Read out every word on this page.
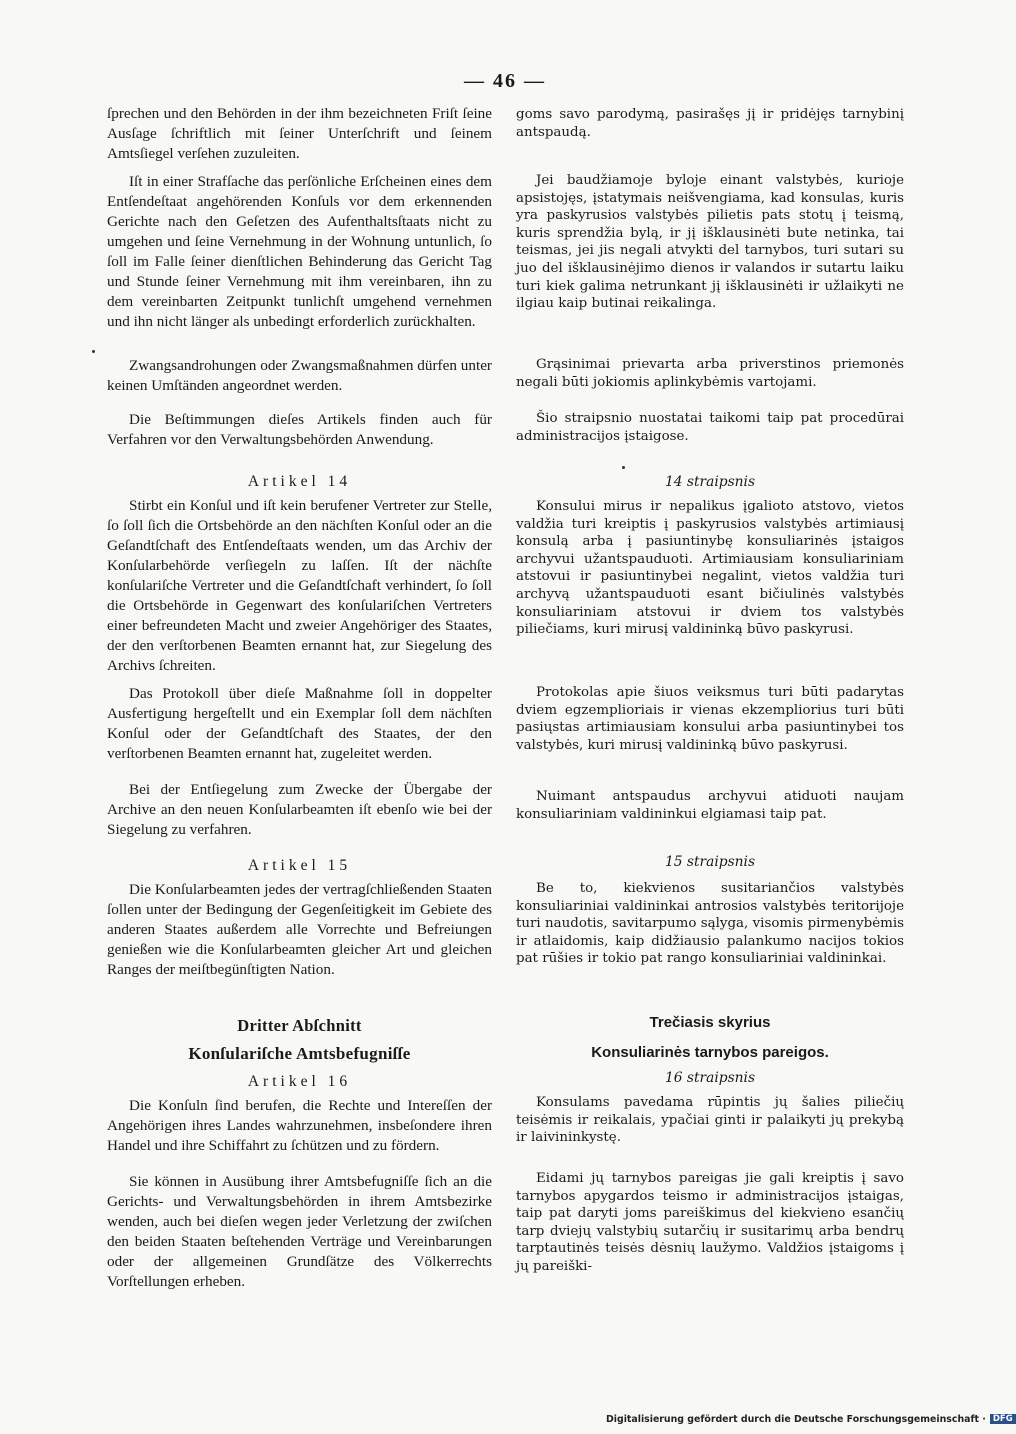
— 46 —

ſprechen und den Behörden in der ihm bezeichneten Friſt ſeine Ausſage ſchriftlich mit ſeiner Unterſchrift und ſeinem Amtsſiegel verſehen zuzuleiten.

Iſt in einer Strafſache das perſönliche Erſcheinen eines dem Entſendeſtaat angehörenden Konſuls vor dem erkennenden Gerichte nach den Geſetzen des Aufenthaltsſtaats nicht zu umgehen und ſeine Vernehmung in der Wohnung untunlich, ſo ſoll im Falle ſeiner dienſtlichen Behinderung das Gericht Tag und Stunde ſeiner Vernehmung mit ihm vereinbaren, ihn zu dem vereinbarten Zeitpunkt tunlichſt umgehend vernehmen und ihn nicht länger als unbedingt erforderlich zurückhalten.

Zwangsandrohungen oder Zwangsmaßnahmen dürfen unter keinen Umſtänden angeordnet werden.

Die Beſtimmungen dieſes Artikels finden auch für Verfahren vor den Verwaltungsbehörden Anwendung.

Artikel 14

Stirbt ein Konſul und iſt kein berufener Vertreter zur Stelle, ſo ſoll ſich die Ortsbehörde an den nächſten Konſul oder an die Geſandtſchaft des Entſendeſtaats wenden, um das Archiv der Konſularbehörde verſiegeln zu laſſen. Iſt der nächſte konſulariſche Vertreter und die Geſandtſchaft verhindert, ſo ſoll die Ortsbehörde in Gegenwart des konſulariſchen Vertreters einer befreundeten Macht und zweier Angehöriger des Staates, der den verſtorbenen Beamten ernannt hat, zur Siegelung des Archivs ſchreiten.

Das Protokoll über dieſe Maßnahme ſoll in doppelter Ausfertigung hergeſtellt und ein Exemplar ſoll dem nächſten Konſul oder der Geſandtſchaft des Staates, der den verſtorbenen Beamten ernannt hat, zugeleitet werden.

Bei der Entſiegelung zum Zwecke der Übergabe der Archive an den neuen Konſularbeamten iſt ebenſo wie bei der Siegelung zu verfahren.

Artikel 15

Die Konſularbeamten jedes der vertragſchließenden Staaten ſollen unter der Bedingung der Gegenſeitigkeit im Gebiete des anderen Staates außerdem alle Vorrechte und Befreiungen genießen wie die Konſularbeamten gleicher Art und gleichen Ranges der meiſtbegünſtigten Nation.

Dritter Abſchnitt
Konſulariſche Amtsbefugniſſe
Artikel 16

Die Konſuln ſind berufen, die Rechte und Intereſſen der Angehörigen ihres Landes wahrzunehmen, insbeſondere ihren Handel und ihre Schiffahrt zu ſchützen und zu fördern.

Sie können in Ausübung ihrer Amtsbefugniſſe ſich an die Gerichts- und Verwaltungsbehörden in ihrem Amtsbezirke wenden, auch bei dieſen wegen jeder Verletzung der zwiſchen den beiden Staaten beſtehenden Verträge und Vereinbarungen oder der allgemeinen Grundſätze des Völkerrechts Vorſtellungen erheben.

goms savo parodymą, pasirašęs jį ir pridėjęs tarnybinį antspaudą.

Jei baudžiamoje byloje einant valstybės, kurioje apsistojęs, įstatymais neišvengiama, kad konsulas, kuris yra paskyrusios valstybės pilietis pats stotų į teismą, kuris sprendžia bylą, ir jį išklausinėti bute netinka, tai teismas, jei jis negali atvykti del tarnybos, turi sutari su juo del išklausinėjimo dienos ir valandos ir sutartu laiku turi kiek galima netrunkant jį išklausinėti ir užlaikyti ne ilgiau kaip butinai reikalinga.

Grąsinimai prievarta arba priverstinos priemonės negali būti jokiomis aplinkybėmis vartojami.

Šio straipsnio nuostatai taikomi taip pat procedūrai administracijos įstaigose.

14 straipsnis

Konsului mirus ir nepalikus įgalioto atstovo, vietos valdžia turi kreiptis į paskyrusios valstybės artimiausį konsulą arba į pasiuntinybę konsuliarinės įstaigos archyvui užantspauduoti. Artimiausiam konsuliariniam atstovui ir pasiuntinybei negalint, vietos valdžia turi archyvą užantspauduoti esant bičiulinės valstybės konsuliariniam atstovui ir dviem tos valstybės piliečiams, kuri mirusį valdininką būvo paskyrusi.

Protokolas apie šiuos veiksmus turi būti padarytas dviem egzemplioriais ir vienas ekzempliorius turi būti pasiųstas artimiausiam konsului arba pasiuntinybei tos valstybės, kuri mirusį valdininką būvo paskyrusi.

Nuimant antspaudus archyvui atiduoti naujam konsuliariniam valdininkui elgiamasi taip pat.

15 straipsnis

Be to, kiekvienos susitariančios valstybės konsuliariniai valdininkai antrosios valstybės teritorijoje turi naudotis, savitarpumo sąlyga, visomis pirmenybėmis ir atlaidomis, kaip didžiausio palankumo nacijos tokios pat rūšies ir tokio pat rango konsuliariniai valdininkai.

Trečiasis skyrius
Konsuliarinės tarnybos pareigos.
16 straipsnis

Konsulams pavedama rūpintis jų šalies piliečių teisėmis ir reikalais, ypačiai ginti ir palaikyti jų prekybą ir laivininkystę.

Eidami jų tarnybos pareigas jie gali kreiptis į savo tarnybos apygardos teismo ir administracijos įstaigas, taip pat daryti joms pareiškimus del kiekvieno esančių tarp dviejų valstybių sutarčių ir susitarimų arba bendrų tarptautinės teisės dėsnių laužymo. Valdžios įstaigoms į jų pareiški-

Digitalisierung gefördert durch die Deutsche Forschungsgemeinschaft · DFG
